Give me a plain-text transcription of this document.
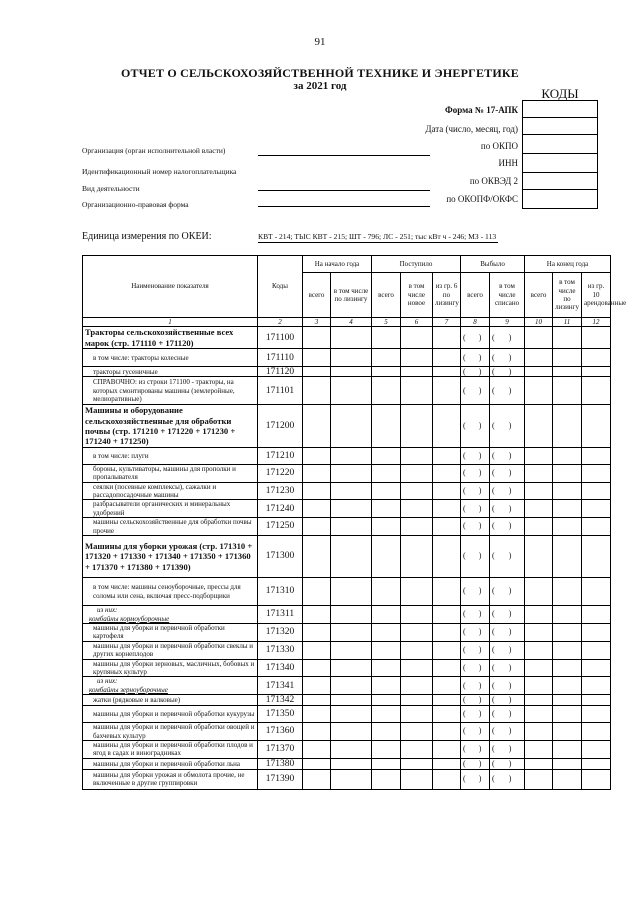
91
ОТЧЕТ О СЕЛЬСКОХОЗЯЙСТВЕННОЙ ТЕХНИКЕ И ЭНЕРГЕТИКЕ
за 2021 год	КОДЫ
Форма № 17-АПК
Дата (число, месяц, год)
по ОКПО
ИНН
по ОКВЭД 2
по ОКОПФ/ОКФС
Организация (орган исполнительной власти)
Идентификационный номер налогоплательщика
Вид деятельности
Организационно-правовая форма
Единица измерения по ОКЕИ:	КВТ - 214; ТЫС КВТ - 215; ШТ - 796; ЛС - 251; тыс кВт ч - 246; МЗ - 113
Наименование показателя	Коды	На начало года		Поступило			Выбыло		На конец года		
		всего	в том числе по лизингу	всего	в том числе новое	из гр. 6 по лизингу	всего	в том числе списано	всего	в том числе по лизингу	из гр. 10 арендованные
1	2	3	4	5	6	7	8	9	10	11	12
Тракторы сельскохозяйственные всех марок (стр. 171110 + 171120)	171100						( )	( )			
в том числе: тракторы колесные	171110						( )	( )			
тракторы гусеничные	171120						( )	( )			
СПРАВОЧНО: из строки 171100 - тракторы, на которых смонтированы машины (землеройные, мелиоративные)	171101						( )	( )			
Машины и оборудование сельскохозяйственные для обработки почвы (стр. 171210 + 171220 + 171230 + 171240 + 171250)	171200						( )	( )			
в том числе: плуги	171210						( )	( )			
бороны, культиваторы, машины для прополки и пропалывателя	171220						( )	( )			
сеялки (посевные комплексы), сажалки и рассадопосадочные машины	171230						( )	( )			
разбрасыватели органических и минеральных удобрений	171240						( )	( )			
машины сельскохозяйственные для обработки почвы прочие	171250						( )	( )			
Машины для уборки урожая (стр. 171310 + 171320 + 171330 + 171340 + 171350 + 171360 + 171370 + 171380 + 171390)	171300						( )	( )			
в том числе: машины сеноуборочные, прессы для соломы или сена, включая пресс-подборщики	171310						( )	( )			

из них:
комбайны кормоуборочные	171311						( )	( )			
машины для уборки и первичной обработки картофеля	171320						( )	( )			
машины для уборки и первичной обработки свеклы и других корнеплодов	171330						( )	( )			
машины для уборки зерновых, масличных, бобовых и крупяных культур	171340						( )	( )			

из них:
комбайны зерноуборочные	171341						( )	( )			
жатки (рядковые и валковые)	171342						( )	( )			
машины для уборки и первичной обработки кукурузы	171350						( )	( )			
машины для уборки и первичной обработки овощей и бахчевых культур	171360						( )	( )			
машины для уборки и первичной обработки плодов и ягод в садах и виноградниках	171370						( )	( )			
машины для уборки и первичной обработки льна	171380						( )	( )			
машины для уборки урожая и обмолота прочие, не включенные в другие группировки	171390						( )	( )			
